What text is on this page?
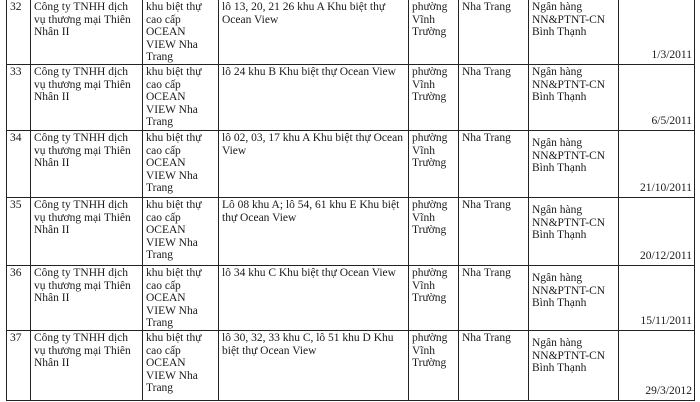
32	Công ty TNHH dịch vụ thương mại Thiên Nhân II	khu biệt thự cao cấp OCEAN VIEW Nha Trang	lô 13, 20, 21 26 khu A Khu biệt thự Ocean View	phường Vĩnh Trường	Nha Trang	Ngân hàng NN&PTNT-CN Bình Thạnh	1/3/2011
33	Công ty TNHH dịch vụ thương mại Thiên Nhân II	khu biệt thự cao cấp OCEAN VIEW Nha Trang	lô 24 khu B Khu biệt thự Ocean View	phường Vĩnh Trường	Nha Trang	Ngân hàng NN&PTNT-CN Bình Thạnh	6/5/2011
34	Công ty TNHH dịch vụ thương mại Thiên Nhân II	khu biệt thự cao cấp OCEAN VIEW Nha Trang	lô 02, 03, 17 khu A Khu biệt thự Ocean View	phường Vĩnh Trường	Nha Trang	Ngân hàng NN&PTNT-CN Bình Thạnh	21/10/2011
35	Công ty TNHH dịch vụ thương mại Thiên Nhân II	khu biệt thự cao cấp OCEAN VIEW Nha Trang	Lô 08 khu A; lô 54, 61 khu E Khu biệt thự Ocean View	phường Vĩnh Trường	Nha Trang	Ngân hàng NN&PTNT-CN Bình Thạnh	20/12/2011
36	Công ty TNHH dịch vụ thương mại Thiên Nhân II	khu biệt thự cao cấp OCEAN VIEW Nha Trang	lô 34 khu C Khu biệt thự Ocean View	phường Vĩnh Trường	Nha Trang	Ngân hàng NN&PTNT-CN Bình Thạnh	15/11/2011
37	Công ty TNHH dịch vụ thương mại Thiên Nhân II	khu biệt thự cao cấp OCEAN VIEW Nha Trang	lô 30, 32, 33 khu C, lô 51 khu D Khu biệt thự Ocean View	phường Vĩnh Trường	Nha Trang	Ngân hàng NN&PTNT-CN Bình Thạnh	29/3/2012
